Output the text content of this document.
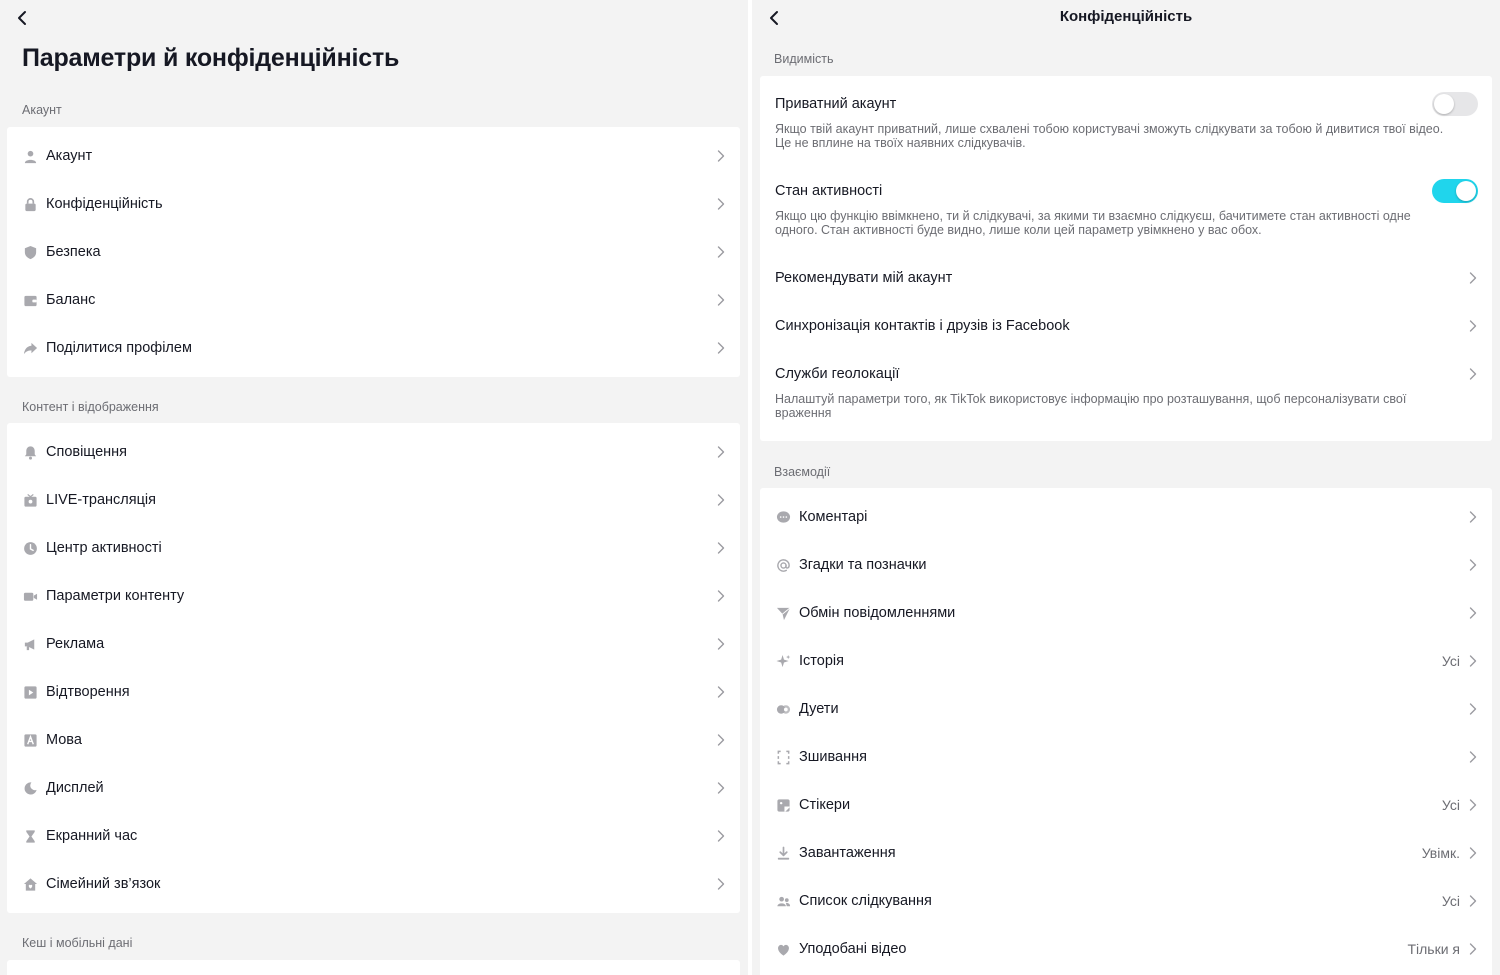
Параметри й конфіденційність
Акаунт
Акаунт
Конфіденційність
Безпека
Баланс
Поділитися профілем
Контент і відображення
Сповіщення
LIVE-трансляція
Центр активності
Параметри контенту
Реклама
Відтворення
Мова
Дисплей
Екранний час
Сімейний зв’язок
Кеш і мобільні дані
Конфіденційність
Видимість
Приватний акаунт
Якщо твій акаунт приватний, лише схвалені тобою користувачі зможуть слідкувати за тобою й дивитися твої відео. Це не вплине на твоїх наявних слідкувачів.
Стан активності
Якщо цю функцію ввімкнено, ти й слідкувачі, за якими ти взаємно слідкуєш, бачитимете стан активності одне одного. Стан активності буде видно, лише коли цей параметр увімкнено у вас обох.
Рекомендувати мій акаунт
Синхронізація контактів і друзів із Facebook
Служби геолокації
Налаштуй параметри того, як TikTok використовує інформацію про розташування, щоб персоналізувати свої враження
Взаємодії
Коментарі
Згадки та позначки
Обмін повідомленнями
Історія	Усі
Дуети
Зшивання
Стікери	Усі
Завантаження	Увімк.
Список слідкування	Усі
Уподобані відео	Тільки я
